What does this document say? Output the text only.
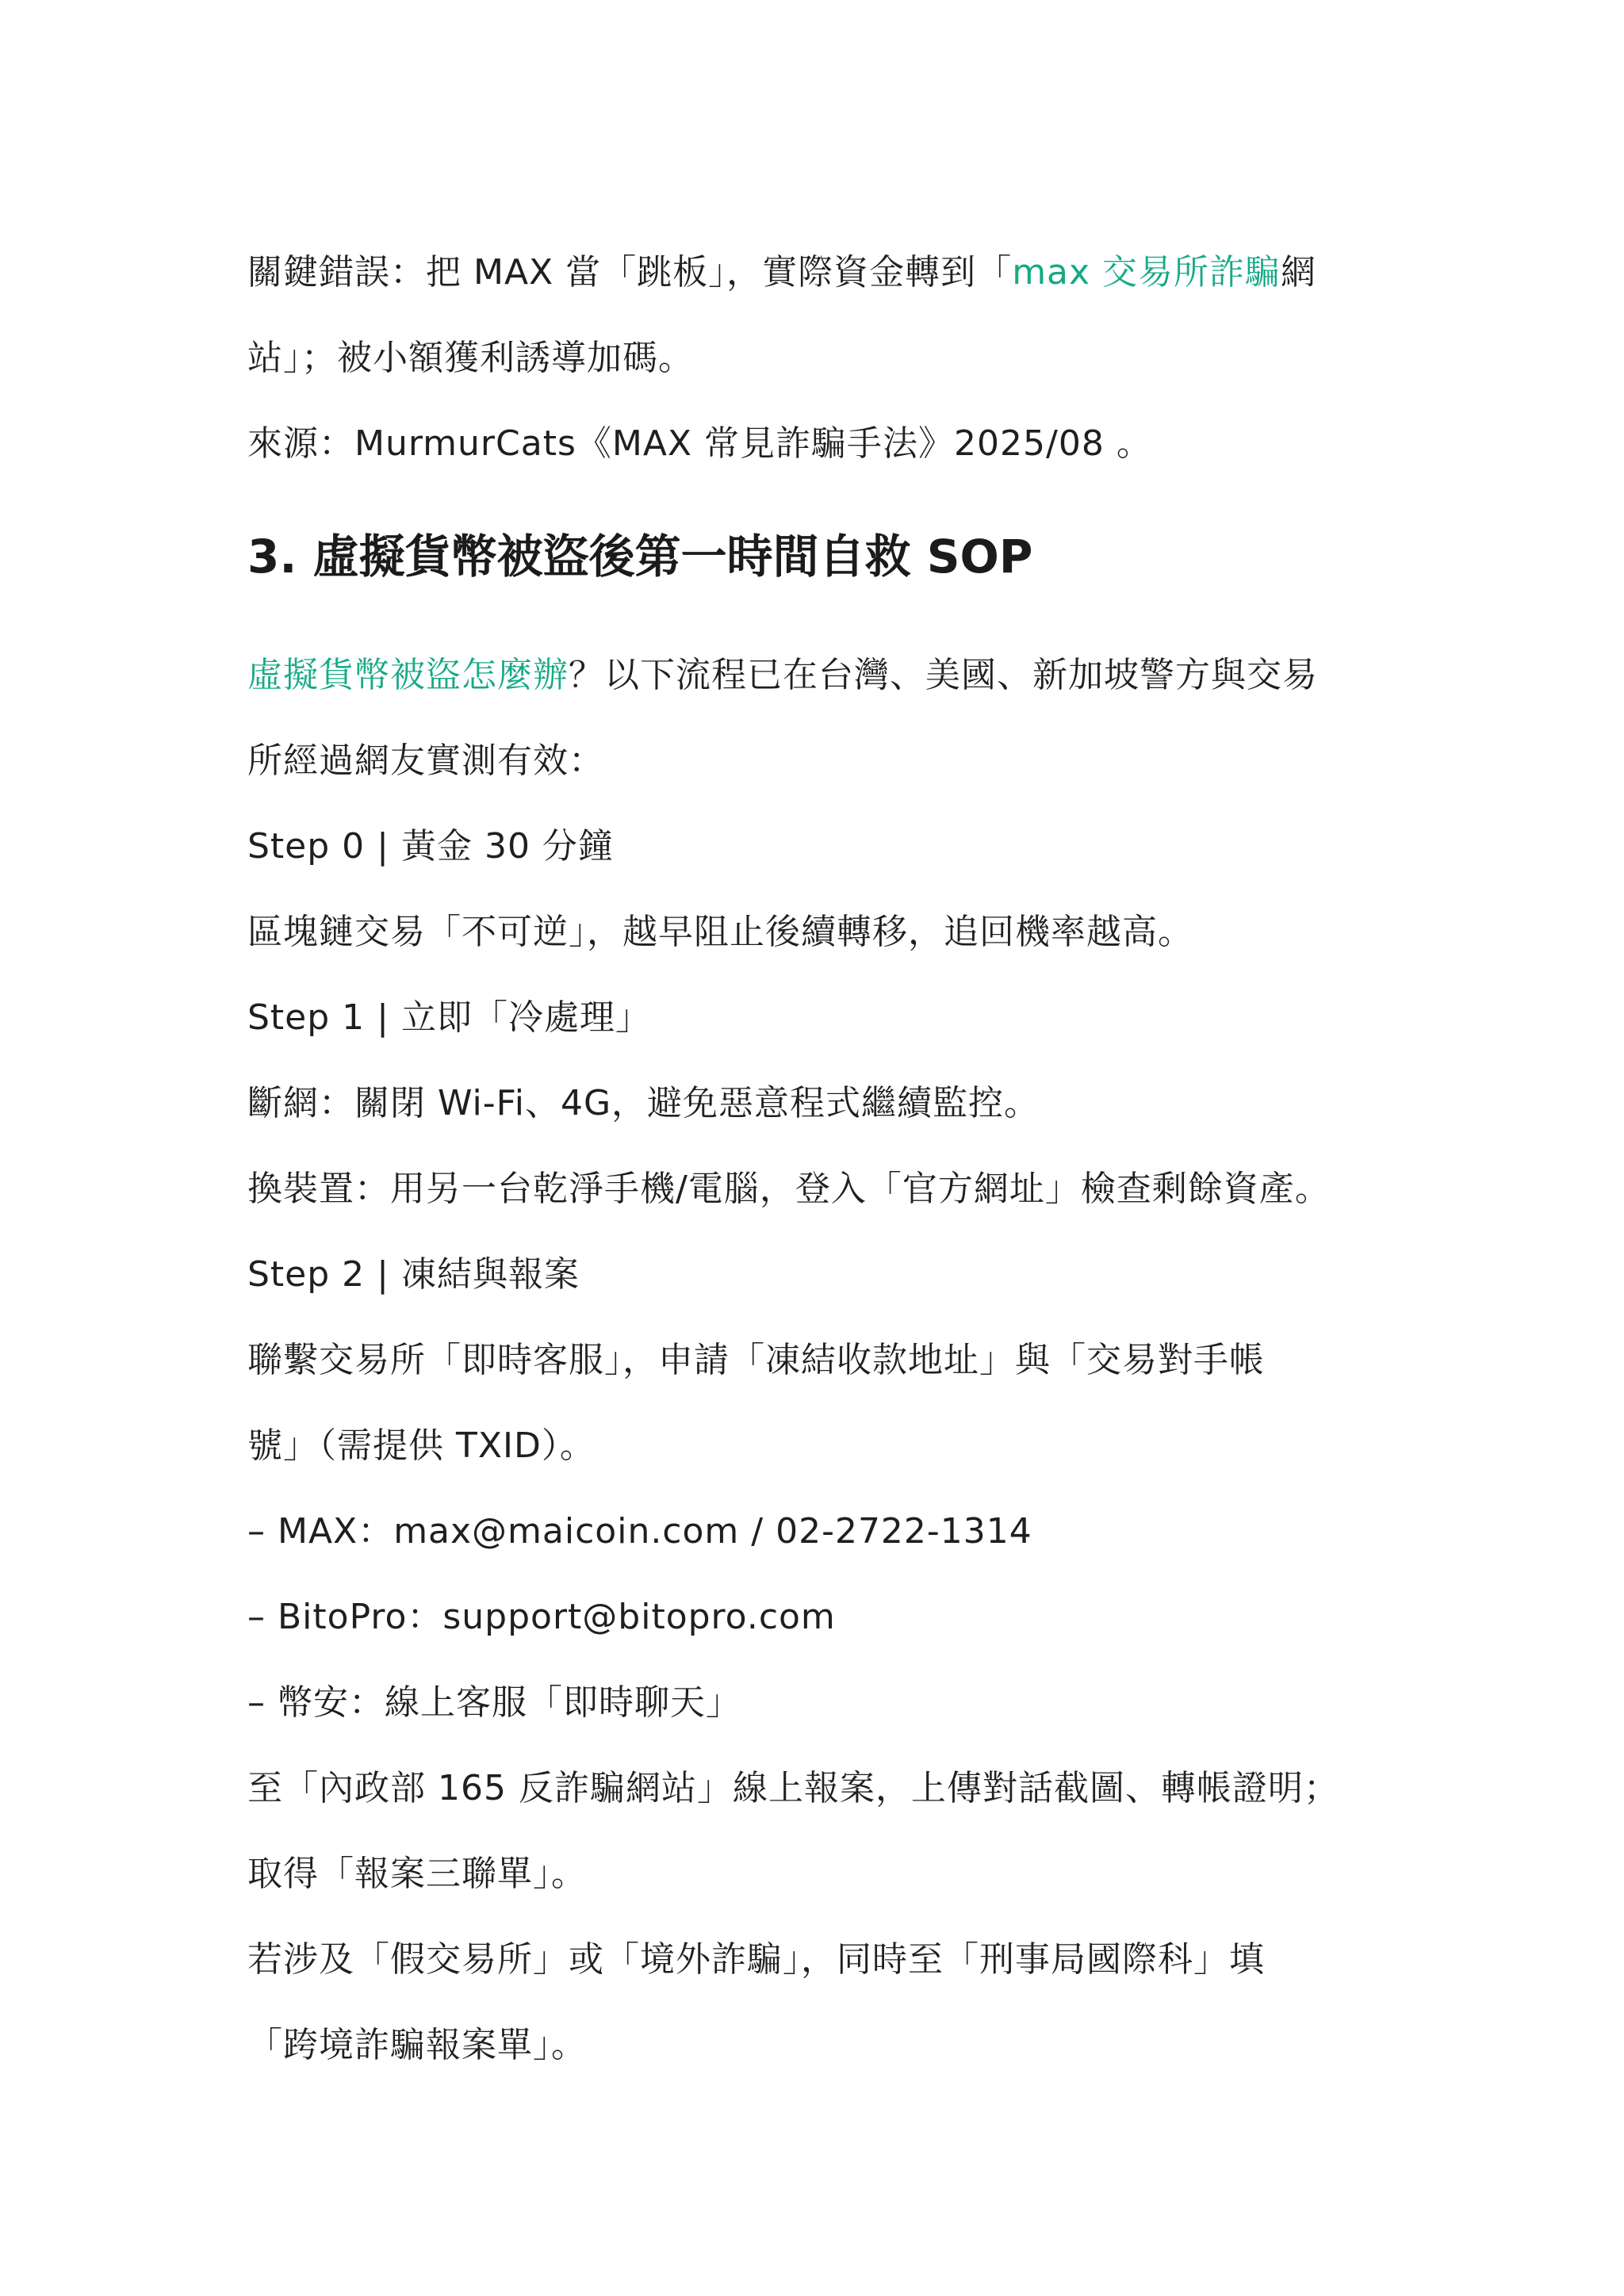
關鍵錯誤：把 MAX 當「跳板」，實際資金轉到「max 交易所詐騙網

站」；被小額獲利誘導加碼。

來源：MurmurCats《MAX 常見詐騙手法》2025/08 。

3. 虛擬貨幣被盜後第一時間自救 SOP

虛擬貨幣被盜怎麼辦？以下流程已在台灣、美國、新加坡警方與交易

所經過網友實測有效：

Step 0 | 黃金 30 分鐘

區塊鏈交易「不可逆」，越早阻止後續轉移，追回機率越高。

Step 1 | 立即「冷處理」

斷網：關閉 Wi-Fi、4G，避免惡意程式繼續監控。

換裝置：用另一台乾淨手機/電腦，登入「官方網址」檢查剩餘資產。

Step 2 | 凍結與報案

聯繫交易所「即時客服」，申請「凍結收款地址」與「交易對手帳

號」（需提供 TXID）。

– MAX：max@maicoin.com / 02-2722-1314

– BitoPro：support@bitopro.com

– 幣安：線上客服「即時聊天」

至「內政部 165 反詐騙網站」線上報案，上傳對話截圖、轉帳證明；

取得「報案三聯單」。

若涉及「假交易所」或「境外詐騙」，同時至「刑事局國際科」填

「跨境詐騙報案單」。
